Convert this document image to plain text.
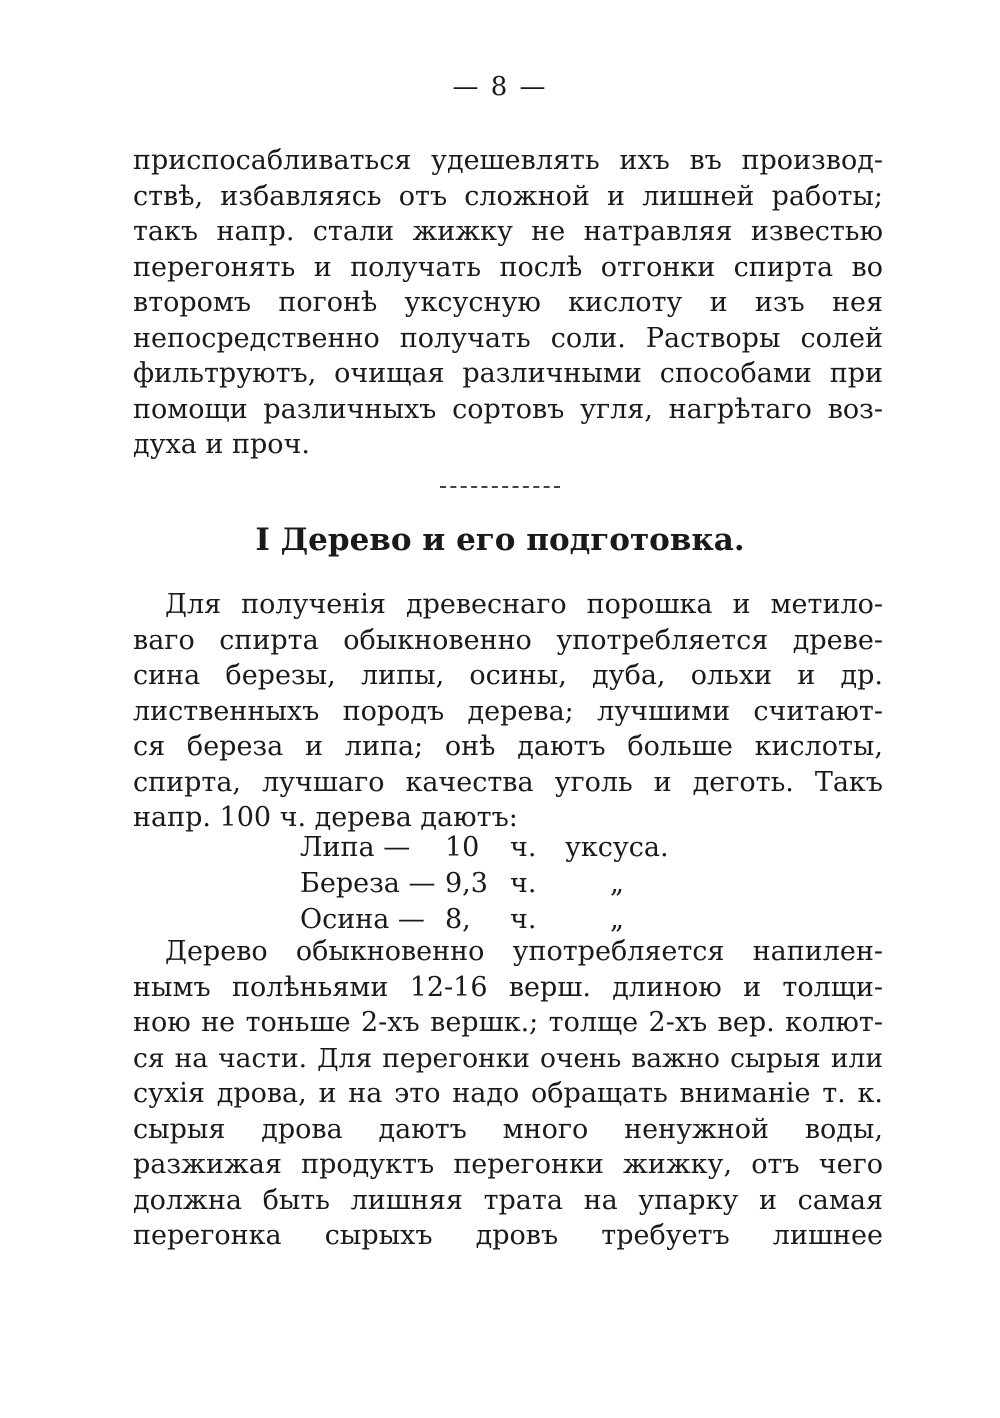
— 8 —
приспосабливаться удешевлять ихъ въ производ-
ствѣ, избавляясь отъ сложной и лишней работы;
такъ напр. стали жижку не натравляя известью
перегонять и получать послѣ отгонки спирта во
второмъ погонѣ уксусную кислоту и изъ нея
непосредственно получать соли. Растворы солей
фильтруютъ, очищая различными способами при
помощи различныхъ сортовъ угля, нагрѣтаго воз-
духа и проч.
I Дерево и его подготовка.
Для полученія древеснаго порошка и метило-
ваго спирта обыкновенно употребляется древе-
сина березы, липы, осины, дуба, ольхи и др.
лиственныхъ породъ дерева; лучшими считают-
ся береза и липа; онѣ даютъ больше кислоты,
спирта, лучшаго качества уголь и деготь. Такъ
напр. 100 ч. дерева даютъ:
Липа —	10	ч.	уксуса.
Береза — 9,3 ч.	„
Осина — 8,	ч.	„
Дерево обыкновенно употребляется напилен-
нымъ полѣньями 12-16 верш. длиною и толщи-
ною не тоньше 2-хъ вершк.; толще 2-хъ вер. колют-
ся на части. Для перегонки очень важно сырыя или
сухія дрова, и на это надо обращать вниманіе т. к.
сырыя дрова даютъ много ненужной воды,
разжижая продуктъ перегонки жижку, отъ чего
должна быть лишняя трата на упарку и самая
перегонка сырыхъ дровъ требуетъ лишнее
